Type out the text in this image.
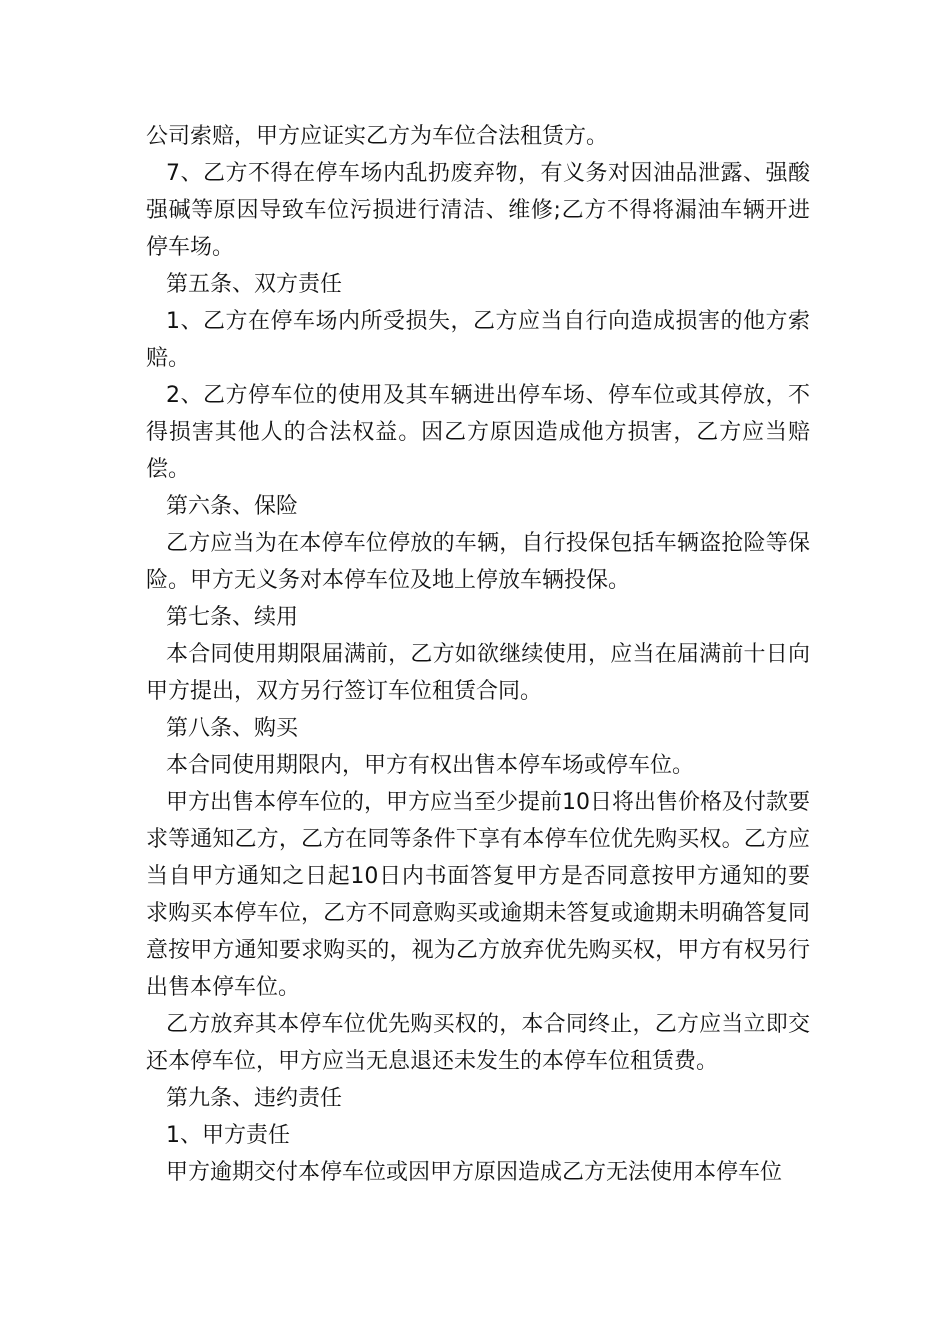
公司索赔，甲方应证实乙方为车位合法租赁方。

7、乙方不得在停车场内乱扔废弃物，有义务对因油品泄露、强酸强碱等原因导致车位污损进行清洁、维修;乙方不得将漏油车辆开进停车场。

第五条、双方责任

1、乙方在停车场内所受损失，乙方应当自行向造成损害的他方索赔。

2、乙方停车位的使用及其车辆进出停车场、停车位或其停放，不得损害其他人的合法权益。因乙方原因造成他方损害，乙方应当赔偿。

第六条、保险

乙方应当为在本停车位停放的车辆，自行投保包括车辆盗抢险等保险。甲方无义务对本停车位及地上停放车辆投保。

第七条、续用

本合同使用期限届满前，乙方如欲继续使用，应当在届满前十日向甲方提出，双方另行签订车位租赁合同。

第八条、购买

本合同使用期限内，甲方有权出售本停车场或停车位。

甲方出售本停车位的，甲方应当至少提前10日将出售价格及付款要求等通知乙方，乙方在同等条件下享有本停车位优先购买权。乙方应当自甲方通知之日起10日内书面答复甲方是否同意按甲方通知的要求购买本停车位，乙方不同意购买或逾期未答复或逾期未明确答复同意按甲方通知要求购买的，视为乙方放弃优先购买权，甲方有权另行出售本停车位。

乙方放弃其本停车位优先购买权的，本合同终止，乙方应当立即交还本停车位，甲方应当无息退还未发生的本停车位租赁费。

第九条、违约责任

1、甲方责任

甲方逾期交付本停车位或因甲方原因造成乙方无法使用本停车位
